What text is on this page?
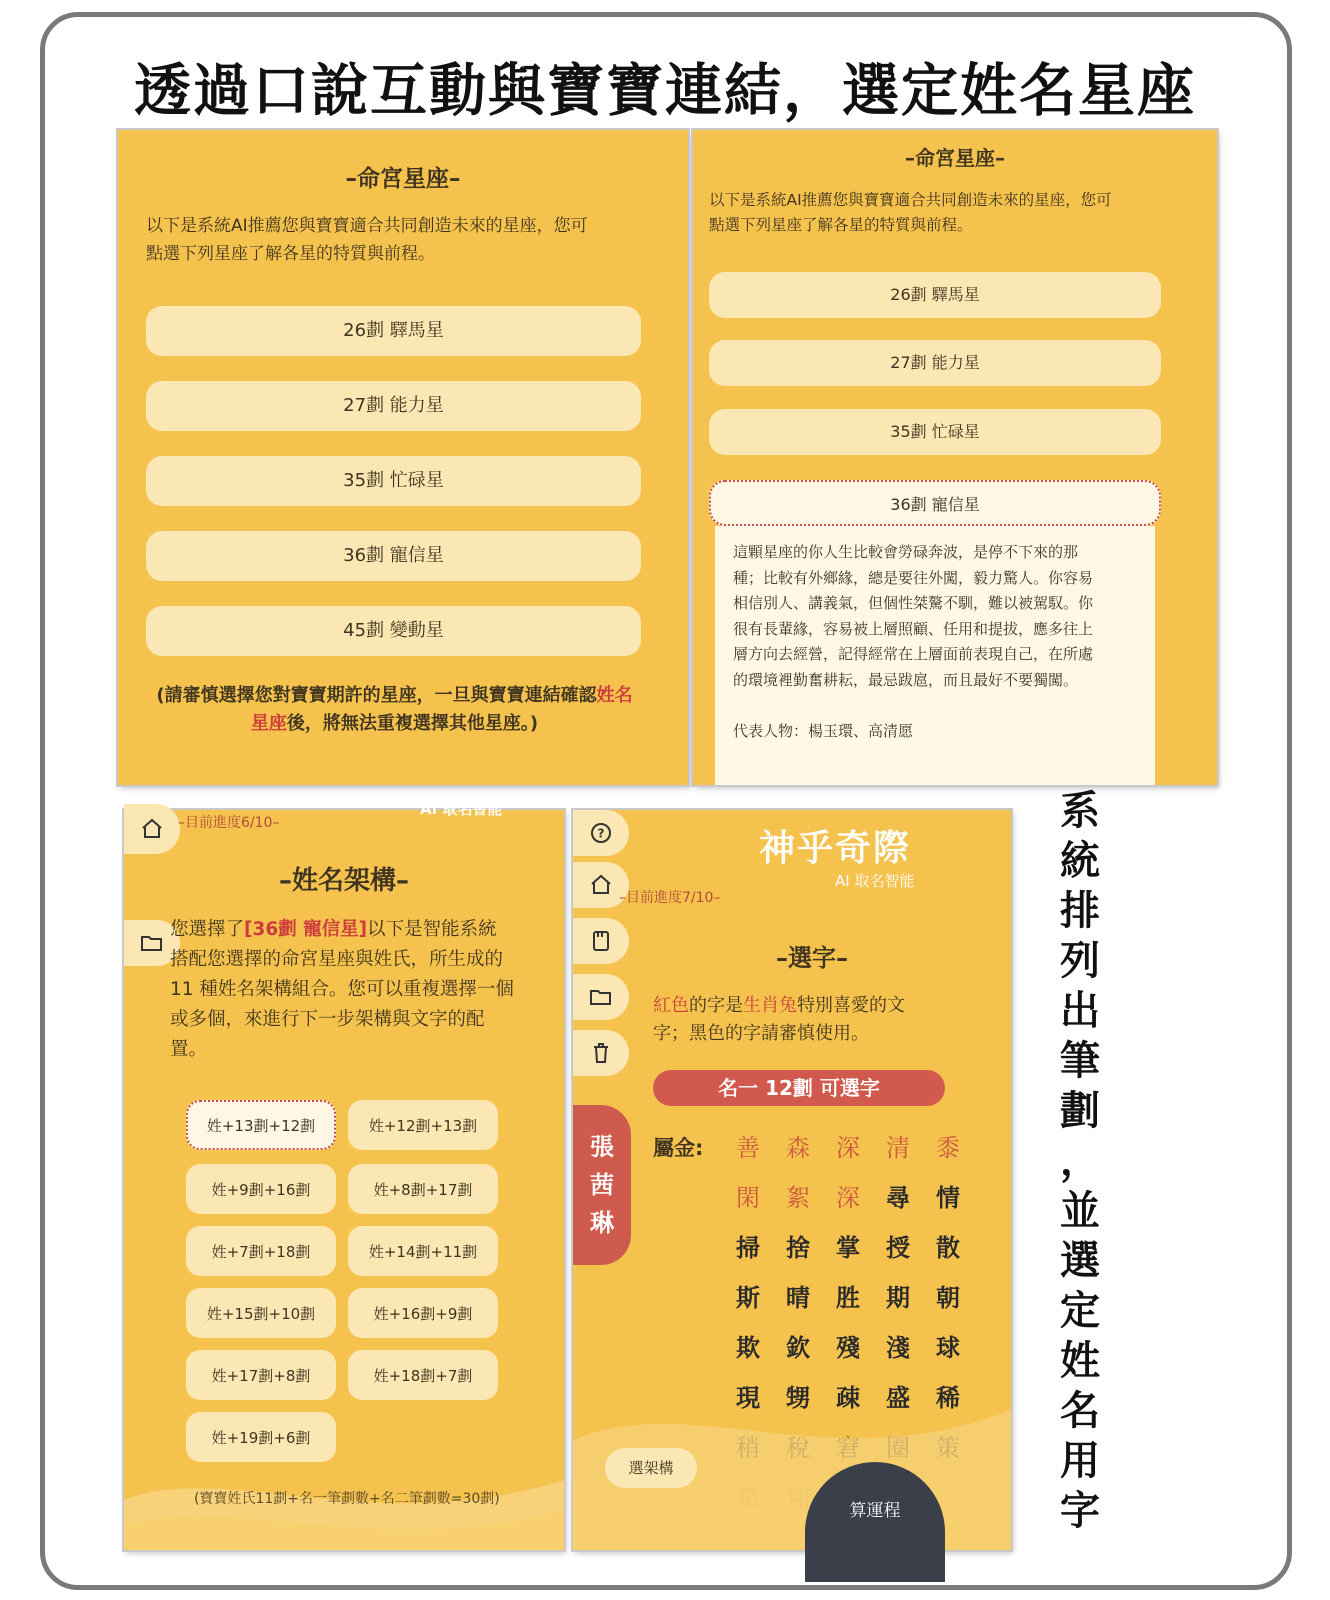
透過口說互動與寶寶連結，選定姓名星座
–命宮星座–
以下是系統AI推薦您與寶寶適合共同創造未來的星座，您可
點選下列星座了解各星的特質與前程。
26劃 驛馬星
27劃 能力星
35劃 忙碌星
36劃 寵信星
45劃 變動星
(請審慎選擇您對寶寶期許的星座，一旦與寶寶連結確認姓名
星座後，將無法重複選擇其他星座。)
–命宮星座–
以下是系統AI推薦您與寶寶適合共同創造未來的星座，您可
點選下列星座了解各星的特質與前程。
26劃 驛馬星
27劃 能力星
35劃 忙碌星
36劃 寵信星
這顆星座的你人生比較會勞碌奔波，是停不下來的那
種；比較有外鄉緣，總是要往外闖，毅力驚人。你容易
相信別人、講義氣，但個性桀驁不馴，難以被駕馭。你
很有長輩緣，容易被上層照顧、任用和提拔，應多往上
層方向去經營，記得經常在上層面前表現自己，在所處
的環境裡勤奮耕耘，最忌跋扈，而且最好不要獨闖。
代表人物：楊玉環、高清愿
AI 取名智能
–目前進度6/10–
–姓名架構–
您選擇了[36劃 寵信星]以下是智能系統
搭配您選擇的命宮星座與姓氏，所生成的
11 種姓名架構組合。您可以重複選擇一個
或多個，來進行下一步架構與文字的配
置。
姓+13劃+12劃	姓+12劃+13劃
姓+9劃+16劃	姓+8劃+17劃
姓+7劃+18劃	姓+14劃+11劃
姓+15劃+10劃	姓+16劃+9劃
姓+17劃+8劃	姓+18劃+7劃
姓+19劃+6劃
(寶寶姓氏11劃+名一筆劃數+名二筆劃數=30劃)
?
張
茜
琳
神乎奇際
AI 取名智能
–目前進度7/10–
–選字–
紅色的字是生肖兔特別喜愛的文
字；黑色的字請審慎使用。
名一 12劃 可選字
屬金:	善	森	深	清	黍
閑	絮	深	尋	情
掃	捨	掌	授	散
斯	晴	胜	期	朝
欺	欽	殘	淺	球
現	甥	疎	盛	稀
選架構
算運程
系
統
排
列
出
筆
劃
，
並
選
定
姓
名
用
字
